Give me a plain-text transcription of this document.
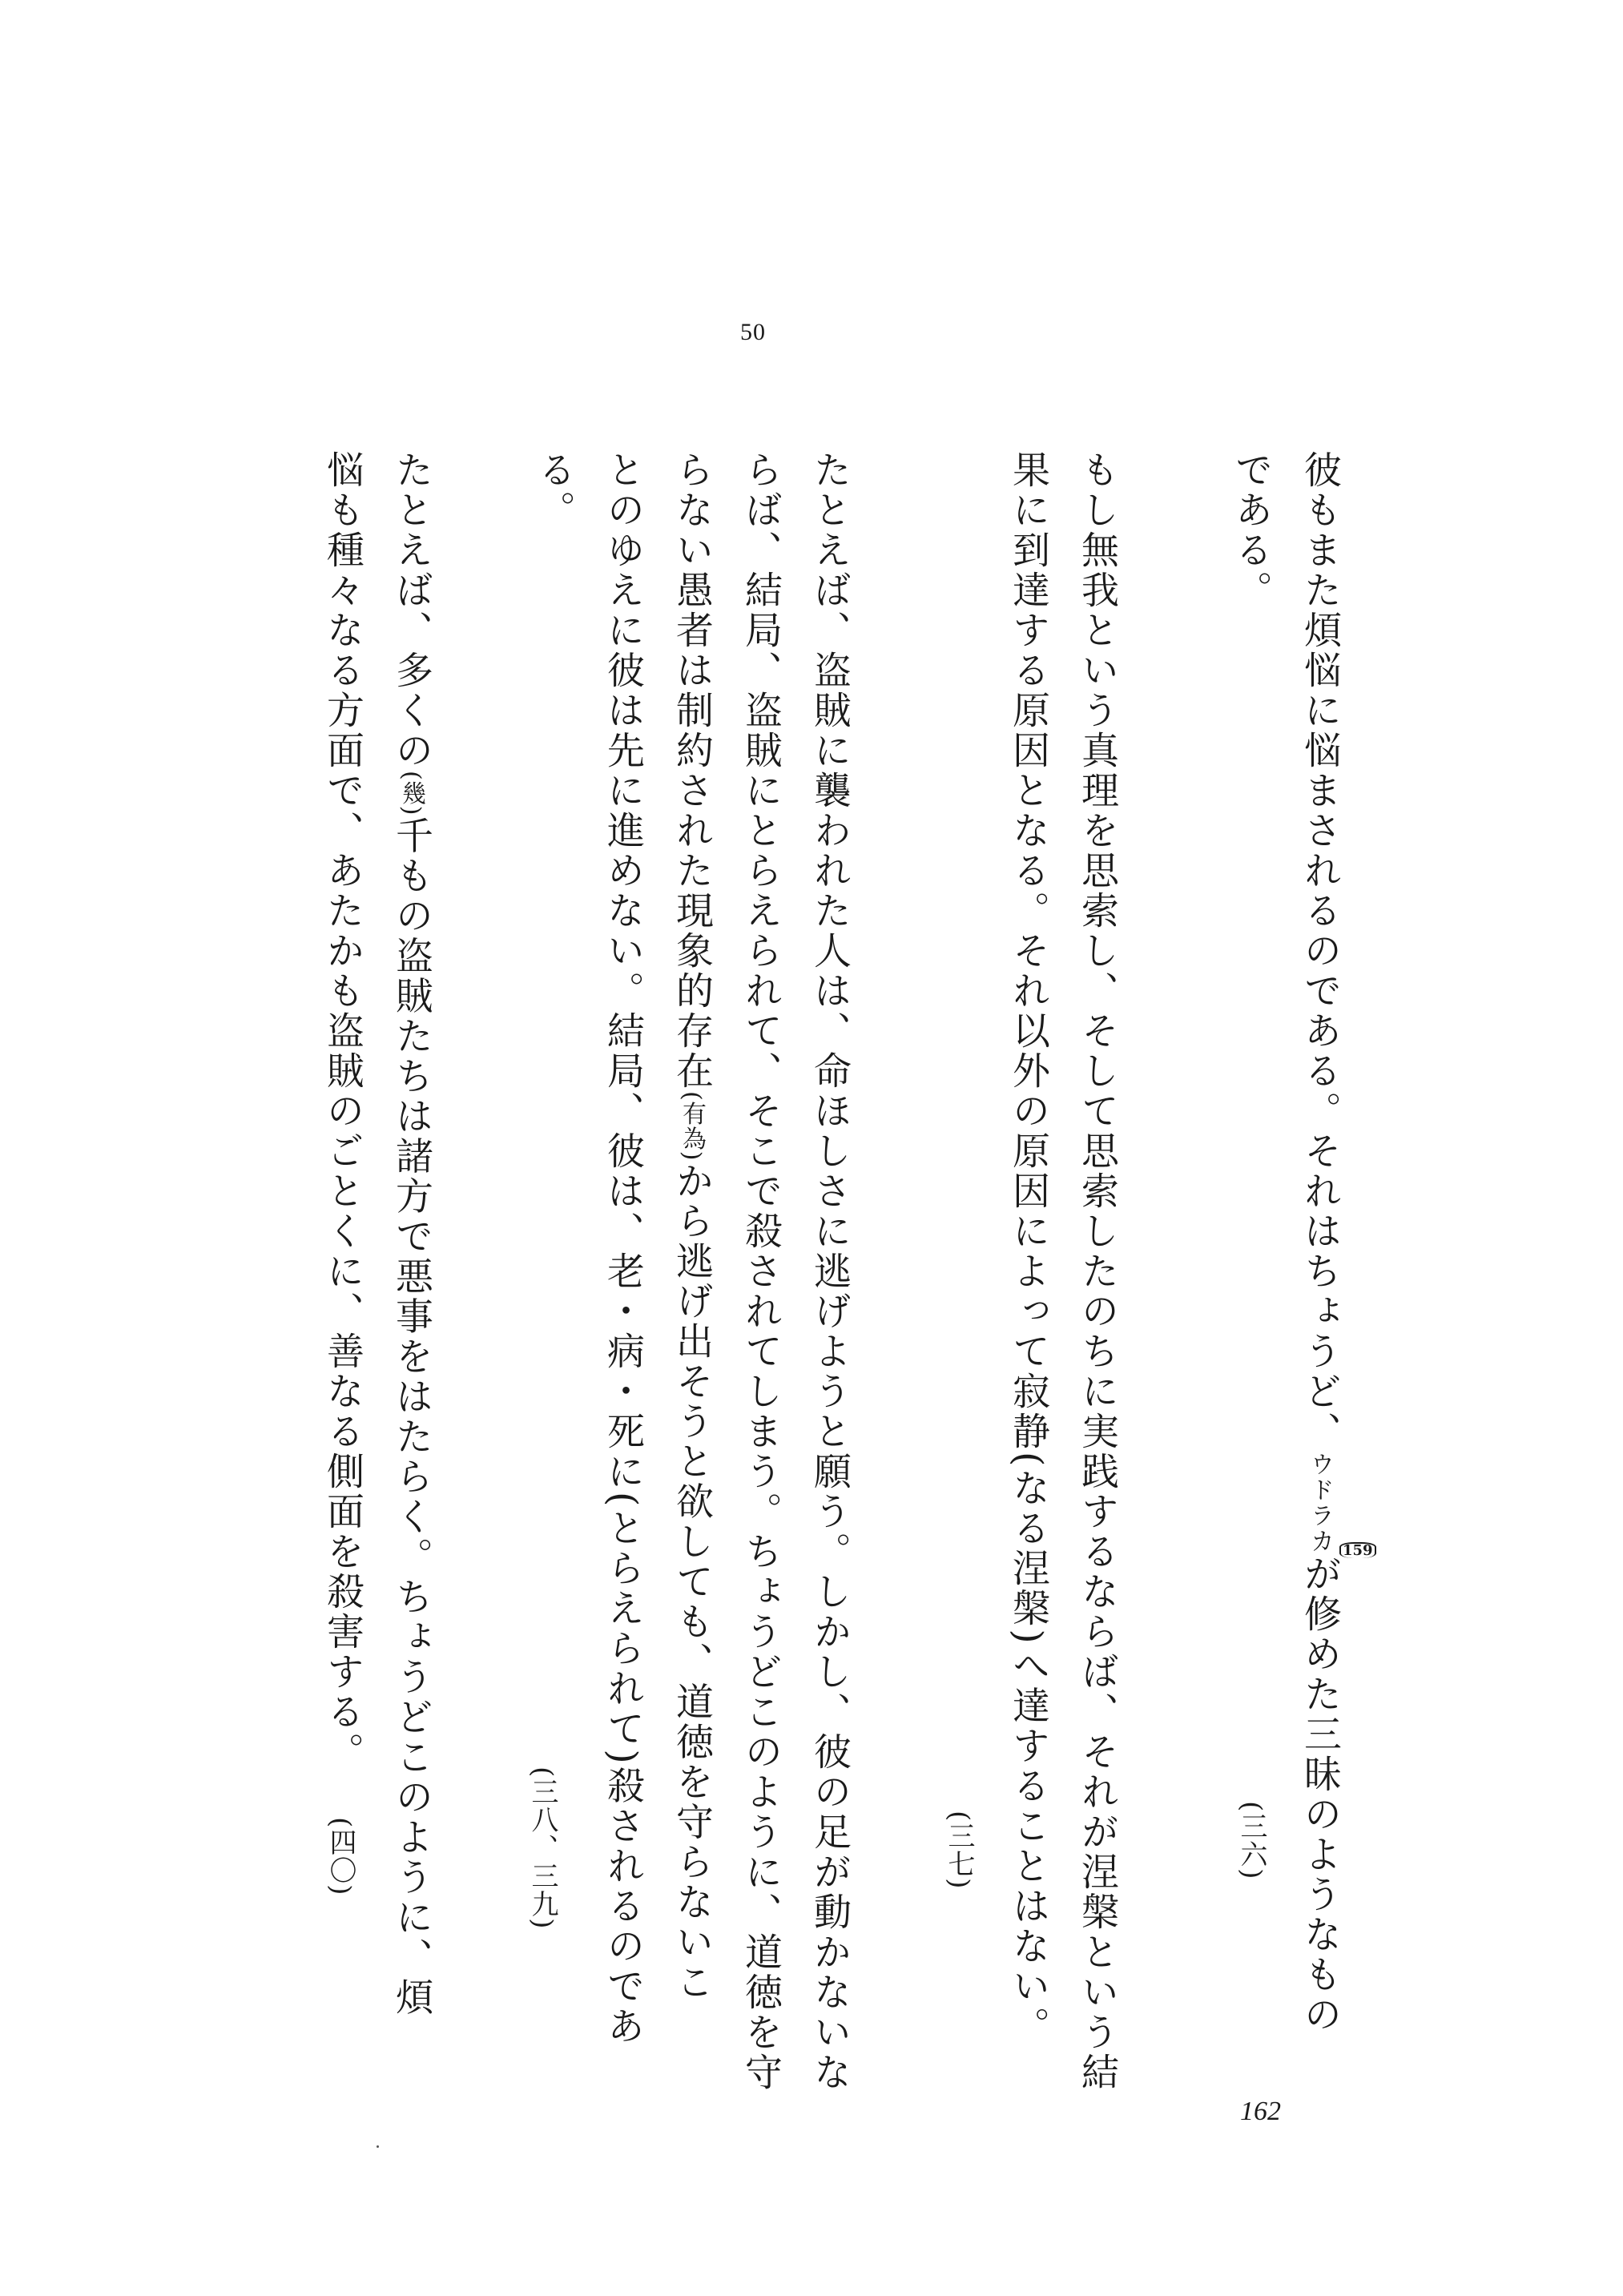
50
彼もまた煩悩に悩まされるのである。それはちょうど、ウドラカが修めた三昧のようなもの
159
である。
(三六)
もし無我という真理を思索し、そして思索したのちに実践するならば、それが涅槃という結
果に到達する原因となる。それ以外の原因によって寂静(なる涅槃)へ達することはない。
(三七)
たとえば、盗賊に襲われた人は、命ほしさに逃げようと願う。しかし、彼の足が動かないな
らば、結局、盗賊にとらえられて、そこで殺されてしまう。ちょうどこのように、道徳を守
らない愚者は制約された現象的存在(有為)から逃げ出そうと欲しても、道徳を守らないこ
とのゆえに彼は先に進めない。結局、彼は、老・病・死に(とらえられて)殺されるのであ
る。
(三八、三九)
たとえば、多くの(幾)千もの盗賊たちは諸方で悪事をはたらく。ちょうどこのように、煩
悩も種々なる方面で、あたかも盗賊のごとくに、善なる側面を殺害する。
(四〇)
162
